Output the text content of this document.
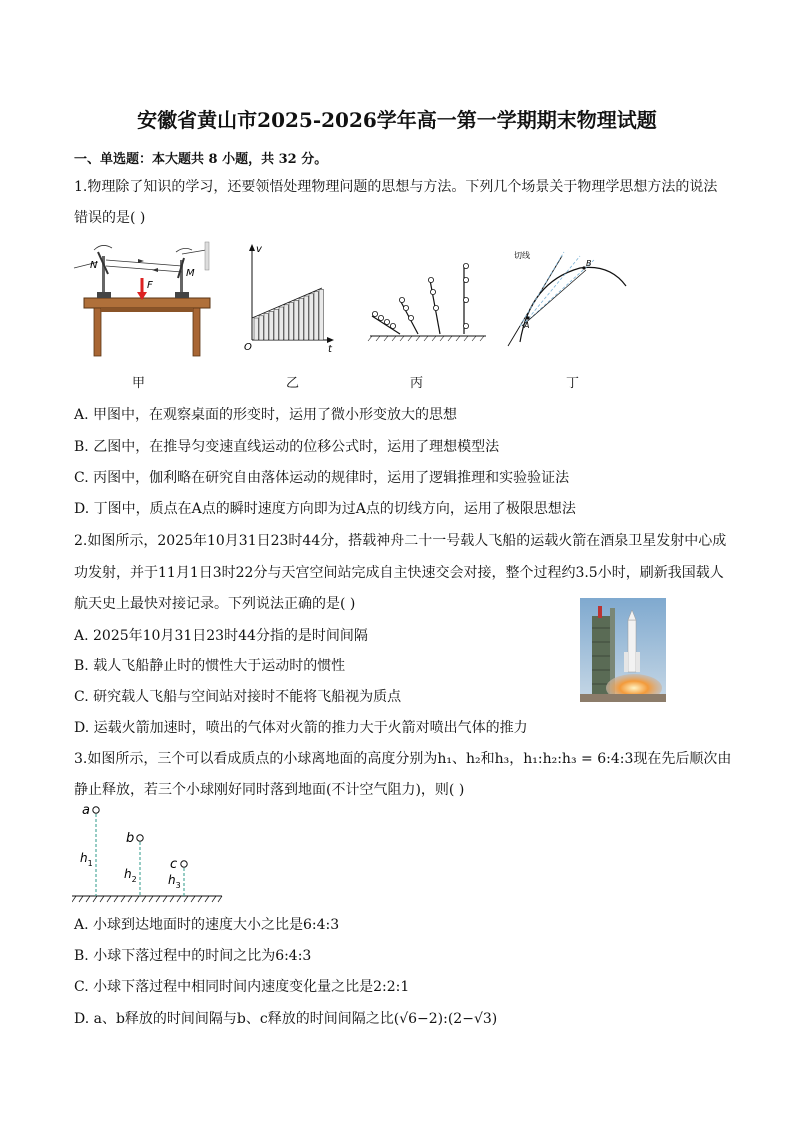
安徽省黄山市2025-2026学年高一第一学期期末物理试题
一、单选题：本大题共 8 小题，共 32 分。
1.物理除了知识的学习，还要领悟处理物理问题的思想与方法。下列几个场景关于物理学思想方法的说法
错误的是( )
N
M
F
v
t
O
切线
A
B
甲	乙	丙	丁
A. 甲图中，在观察桌面的形变时，运用了微小形变放大的思想
B. 乙图中，在推导匀变速直线运动的位移公式时，运用了理想模型法
C. 丙图中，伽利略在研究自由落体运动的规律时，运用了逻辑推理和实验验证法
D. 丁图中，质点在A点的瞬时速度方向即为过A点的切线方向，运用了极限思想法
2.如图所示，2025年10月31日23时44分，搭载神舟二十一号载人飞船的运载火箭在酒泉卫星发射中心成
功发射，并于11月1日3时22分与天宫空间站完成自主快速交会对接，整个过程约3.5小时，刷新我国载人
航天史上最快对接记录。下列说法正确的是( )
A. 2025年10月31日23时44分指的是时间间隔
B. 载人飞船静止时的惯性大于运动时的惯性
C. 研究载人飞船与空间站对接时不能将飞船视为质点
D. 运载火箭加速时，喷出的气体对火箭的推力大于火箭对喷出气体的推力
3.如图所示，三个可以看成质点的小球离地面的高度分别为h₁、h₂和h₃，h₁:h₂:h₃ = 6:4:3现在先后顺次由
静止释放，若三个小球刚好同时落到地面(不计空气阻力)，则( )
a
b
c
$h_1$
$h_2$	$h_3$
A. 小球到达地面时的速度大小之比是6:4:3
B. 小球下落过程中的时间之比为6:4:3
C. 小球下落过程中相同时间内速度变化量之比是2:2:1
D. a、b释放的时间间隔与b、c释放的时间间隔之比(√6−2):(2−√3)
